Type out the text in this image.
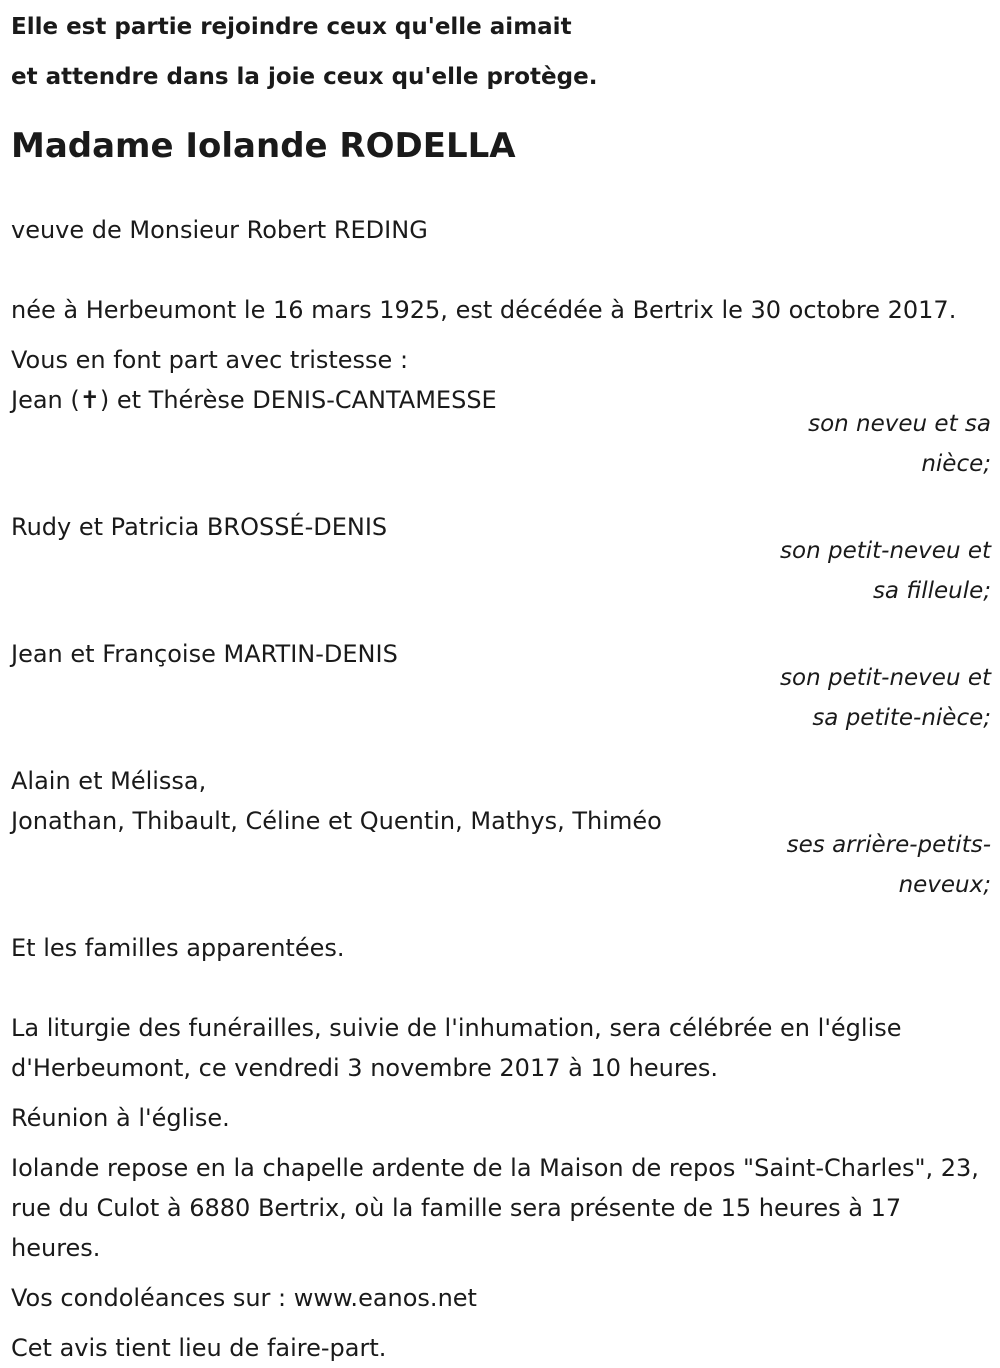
Elle est partie rejoindre ceux qu'elle aimait

et attendre dans la joie ceux qu'elle protège.

Madame Iolande RODELLA

veuve de Monsieur Robert REDING

née à Herbeumont le 16 mars 1925, est décédée à Bertrix le 30 octobre 2017.

Vous en font part avec tristesse :

Jean (✝) et Thérèse DENIS-CANTAMESSE

son neveu et sa nièce;

Rudy et Patricia BROSSÉ-DENIS

son petit-neveu et sa filleule;

Jean et Françoise MARTIN-DENIS

son petit-neveu et sa petite-nièce;

Alain et Mélissa,

Jonathan, Thibault, Céline et Quentin, Mathys, Thiméo

ses arrière-petits-neveux;

Et les familles apparentées.

La liturgie des funérailles, suivie de l'inhumation, sera célébrée en l'église d'Herbeumont, ce vendredi 3 novembre 2017 à 10 heures.

Réunion à l'église.

Iolande repose en la chapelle ardente de la Maison de repos "Saint-Charles", 23, rue du Culot à 6880 Bertrix, où la famille sera présente de 15 heures à 17 heures.

Vos condoléances sur : www.eanos.net

Cet avis tient lieu de faire-part.
